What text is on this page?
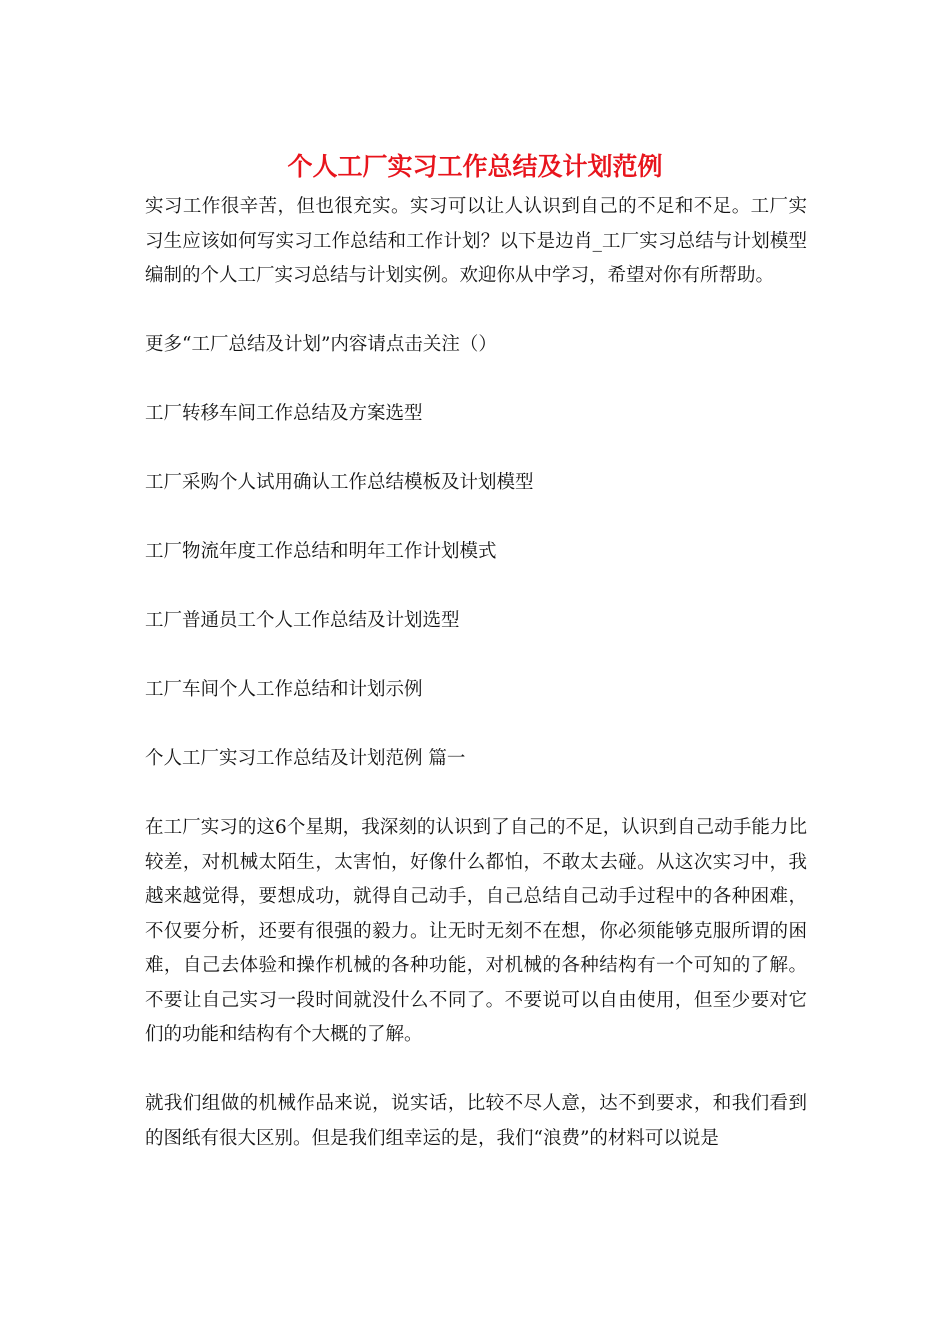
个人工厂实习工作总结及计划范例

实习工作很辛苦，但也很充实。实习可以让人认识到自己的不足和不足。工厂实习生应该如何写实习工作总结和工作计划？以下是边肖_工厂实习总结与计划模型编制的个人工厂实习总结与计划实例。欢迎你从中学习，希望对你有所帮助。

更多“工厂总结及计划”内容请点击关注（）

工厂转移车间工作总结及方案选型

工厂采购个人试用确认工作总结模板及计划模型

工厂物流年度工作总结和明年工作计划模式

工厂普通员工个人工作总结及计划选型

工厂车间个人工作总结和计划示例

个人工厂实习工作总结及计划范例 篇一

在工厂实习的这6个星期，我深刻的认识到了自己的不足，认识到自己动手能力比较差，对机械太陌生，太害怕，好像什么都怕，不敢太去碰。从这次实习中，我越来越觉得，要想成功，就得自己动手，自己总结自己动手过程中的各种困难，不仅要分析，还要有很强的毅力。让无时无刻不在想，你必须能够克服所谓的困难，自己去体验和操作机械的各种功能，对机械的各种结构有一个可知的了解。不要让自己实习一段时间就没什么不同了。不要说可以自由使用，但至少要对它们的功能和结构有个大概的了解。

就我们组做的机械作品来说，说实话，比较不尽人意，达不到要求，和我们看到的图纸有很大区别。但是我们组幸运的是，我们“浪费”的材料可以说是
